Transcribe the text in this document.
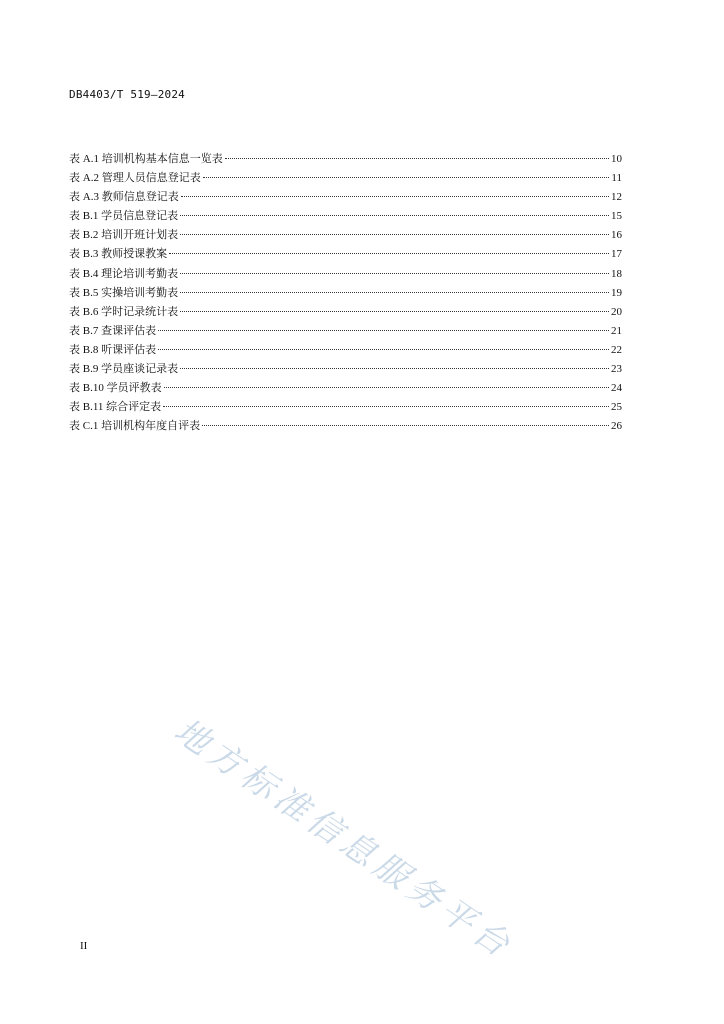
DB4403/T 519—2024
表 A.1 培训机构基本信息一览表	10
表 A.2 管理人员信息登记表	11
表 A.3 教师信息登记表	12
表 B.1 学员信息登记表	15
表 B.2 培训开班计划表	16
表 B.3 教师授课教案	17
表 B.4 理论培训考勤表	18
表 B.5 实操培训考勤表	19
表 B.6 学时记录统计表	20
表 B.7 查课评估表	21
表 B.8 听课评估表	22
表 B.9 学员座谈记录表	23
表 B.10 学员评教表	24
表 B.11 综合评定表	25
表 C.1 培训机构年度自评表	26
地方标准信息服务平台
II
